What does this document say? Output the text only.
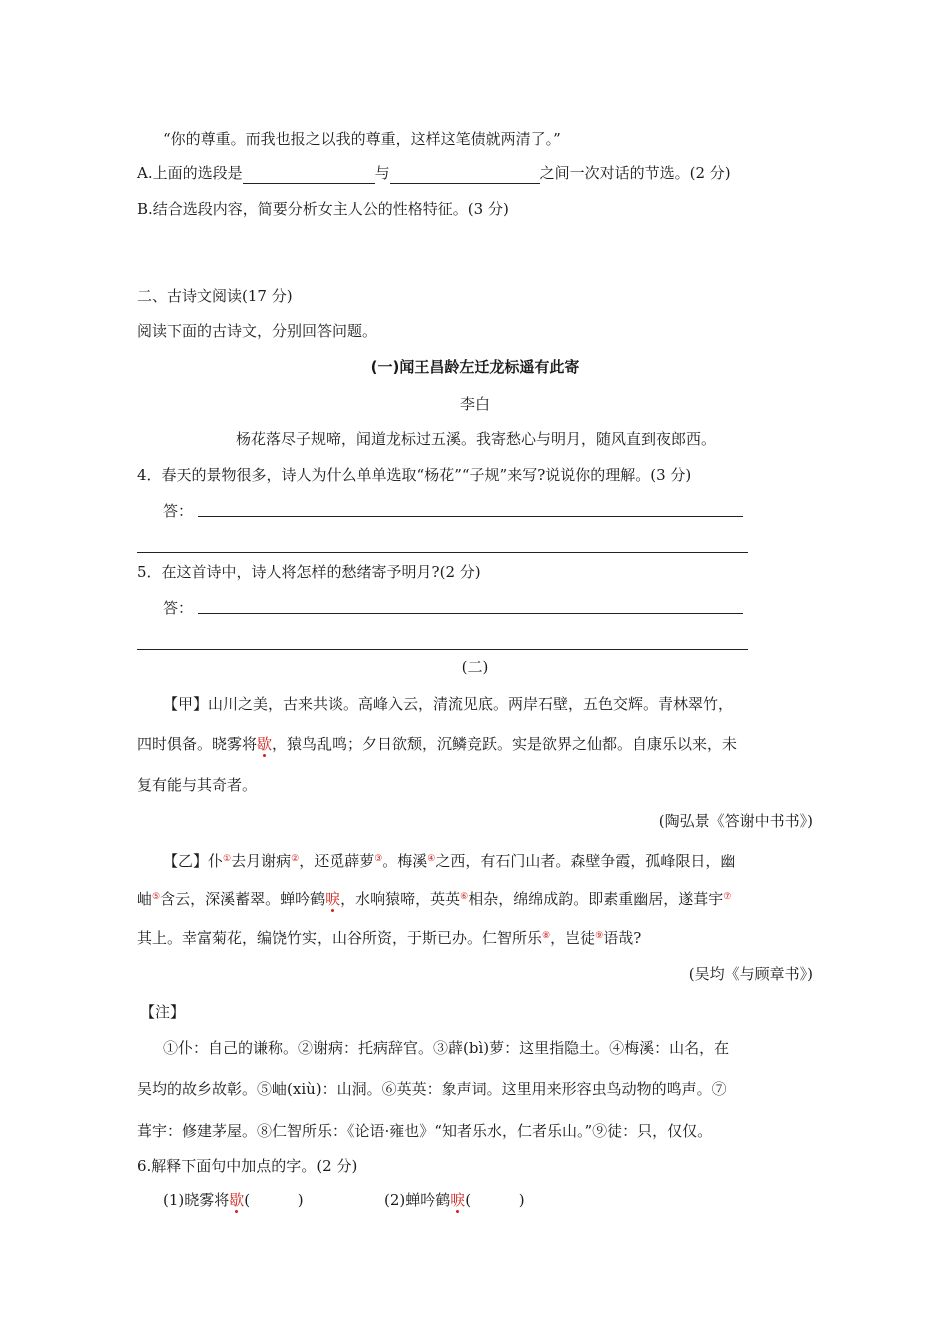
“你的尊重。而我也报之以我的尊重，这样这笔债就两清了。”
A.上面的选段是	与	之间一次对话的节选。(2 分)
B.结合选段内容，简要分析女主人公的性格特征。(3 分)
二、古诗文阅读(17 分)
阅读下面的古诗文，分别回答问题。
(一)闻王昌龄左迁龙标遥有此寄
李白
杨花落尽子规啼，闻道龙标过五溪。我寄愁心与明月，随风直到夜郎西。
4．春天的景物很多，诗人为什么单单选取“杨花”“子规”来写?说说你的理解。(3 分)
答：
5．在这首诗中，诗人将怎样的愁绪寄予明月?(2 分)
答：
(二)
【甲】山川之美，古来共谈。高峰入云，清流见底。两岸石壁，五色交辉。青林翠竹，
四时俱备。晓雾将歇，猿鸟乱鸣；夕日欲颓，沉鳞竞跃。实是欲界之仙都。自康乐以来，未
复有能与其奇者。
(陶弘景《答谢中书书》)
【乙】仆①去月谢病②，还觅薜萝③。梅溪④之西，有石门山者。森壁争霞，孤峰限日，幽
岫⑤含云，深溪蓄翠。蝉吟鹤唳，水响猿啼，英英⑥相杂，绵绵成韵。即素重幽居，遂葺宇⑦
其上。幸富菊花，编饶竹实，山谷所资，于斯已办。仁智所乐⑧，岂徒⑨语哉?
(吴均《与顾章书》)
【注】
①仆：自己的谦称。②谢病：托病辞官。③薜(bì)萝：这里指隐土。④梅溪：山名，在
吴均的故乡故彰。⑤岫(xiù)：山洞。⑥英英：象声词。这里用来形容虫鸟动物的鸣声。⑦
葺宇：修建茅屋。⑧仁智所乐：《论语·雍也》“知者乐水，仁者乐山。”⑨徒：只，仅仅。
6.解释下面句中加点的字。(2 分)
(1)晓雾将歇(          )	(2)蝉吟鹤唳(          )
